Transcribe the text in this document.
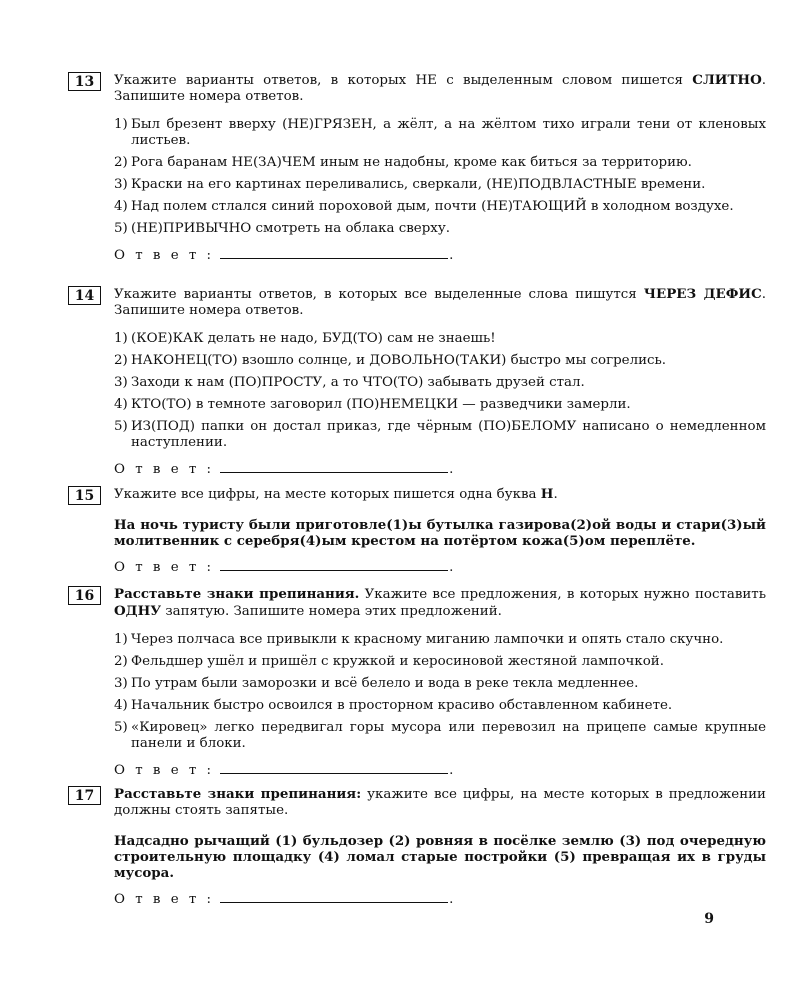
13	Укажите варианты ответов, в которых НЕ с выделенным словом пишется СЛИТНО. Запишите номера ответов.

1) Был брезент вверху (НЕ)ГРЯЗЕН, а жёлт, а на жёлтом тихо играли тени от кленовых листьев.
2) Рога баранам НЕ(ЗА)ЧЕМ иным не надобны, кроме как биться за территорию.
3) Краски на его картинах переливались, сверкали, (НЕ)ПОДВЛАСТНЫЕ времени.
4) Над полем стлался синий пороховой дым, почти (НЕ)ТАЮЩИЙ в холодном воздухе.
5) (НЕ)ПРИВЫЧНО смотреть на облака сверху.
О т в е т :	.
14	Укажите варианты ответов, в которых все выделенные слова пишутся ЧЕРЕЗ ДЕФИС. Запишите номера ответов.

1) (КОЕ)КАК делать не надо, БУД(ТО) сам не знаешь!
2) НАКОНЕЦ(ТО) взошло солнце, и ДОВОЛЬНО(ТАКИ) быстро мы согрелись.
3) Заходи к нам (ПО)ПРОСТУ, а то ЧТО(ТО) забывать друзей стал.
4) КТО(ТО) в темноте заговорил (ПО)НЕМЕЦКИ — разведчики замерли.
5) ИЗ(ПОД) папки он достал приказ, где чёрным (ПО)БЕЛОМУ написано о немедленном наступлении.
О т в е т :	.
15	Укажите все цифры, на месте которых пишется одна буква Н.

На ночь туристу были приготовле(1)ы бутылка газирова(2)ой воды и стари(3)ый молитвенник с серебря(4)ым крестом на потёртом кожа(5)ом переплёте.

О т в е т :	.
16	Расставьте знаки препинания. Укажите все предложения, в которых нужно поставить ОДНУ запятую. Запишите номера этих предложений.

1) Через полчаса все привыкли к красному миганию лампочки и опять стало скучно.
2) Фельдшер ушёл и пришёл с кружкой и керосиновой жестяной лампочкой.
3) По утрам были заморозки и всё белело и вода в реке текла медленнее.
4) Начальник быстро освоился в просторном красиво обставленном кабинете.
5) «Кировец» легко передвигал горы мусора или перевозил на прицепе самые крупные панели и блоки.
О т в е т :	.
17	Расставьте знаки препинания: укажите все цифры, на месте которых в предложении должны стоять запятые.

Надсадно рычащий (1) бульдозер (2) ровняя в посёлке землю (3) под очередную строительную площадку (4) ломал старые постройки (5) превращая их в груды мусора.

О т в е т :	.
9
